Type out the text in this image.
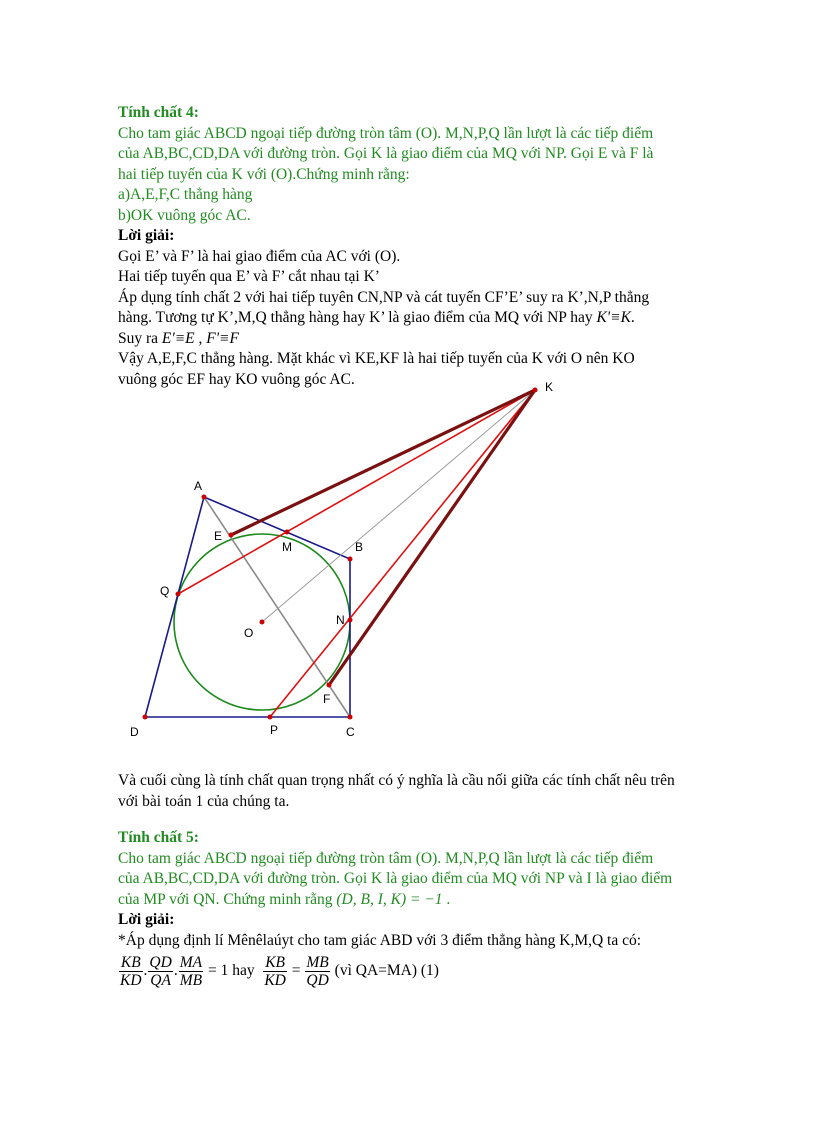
Tính chất 4:
Cho tam giác ABCD ngoại tiếp đường tròn tâm (O). M,N,P,Q lần lượt là các tiếp điểm
của AB,BC,CD,DA với đường tròn. Gọi K là giao điểm của MQ với NP. Gọi E và F là
hai tiếp tuyến của K với (O).Chứng minh rằng:
a)A,E,F,C thẳng hàng
b)OK vuông góc AC.
Lời giải:
Gọi E’ và F’ là hai giao điểm của AC với (O).
Hai tiếp tuyến qua E’ và F’ cắt nhau tại K’
Áp dụng tính chất 2 với hai tiếp tuyên CN,NP và cát tuyến CF’E’ suy ra K’,N,P thẳng
hàng. Tương tự K’,M,Q thẳng hàng hay K’ là giao điểm của MQ với NP hay K'≡K.
Suy ra E'≡E , F'≡F
Vậy A,E,F,C thẳng hàng. Mặt khác vì KE,KF là hai tiếp tuyến của K với O nên KO
vuông góc EF hay KO vuông góc AC.
A
B
C
D
E
F
K
M
N
O
P
Q
Và cuối cùng là tính chất quan trọng nhất có ý nghĩa là cầu nối giữa các tính chất nêu trên
với bài toán 1 của chúng ta.
Tính chất 5:
Cho tam giác ABCD ngoại tiếp đường tròn tâm (O). M,N,P,Q lần lượt là các tiếp điểm
của AB,BC,CD,DA với đường tròn. Gọi K là giao điểm của MQ với NP và I là giao điểm
của MP với QN. Chứng minh rằng (D, B, I, K) = −1 .
Lời giải:
*Áp dụng định lí Mênêlaúyt cho tam giác ABD với 3 điểm thẳng hàng K,M,Q ta có:
$\frac{KB}{KD}$ . $\frac{QD}{QA}$ . $\frac{MA}{MB} = 1$ hay $\frac{KB}{KD} = \frac{MB}{QD}$ (vì QA=MA) (1)
